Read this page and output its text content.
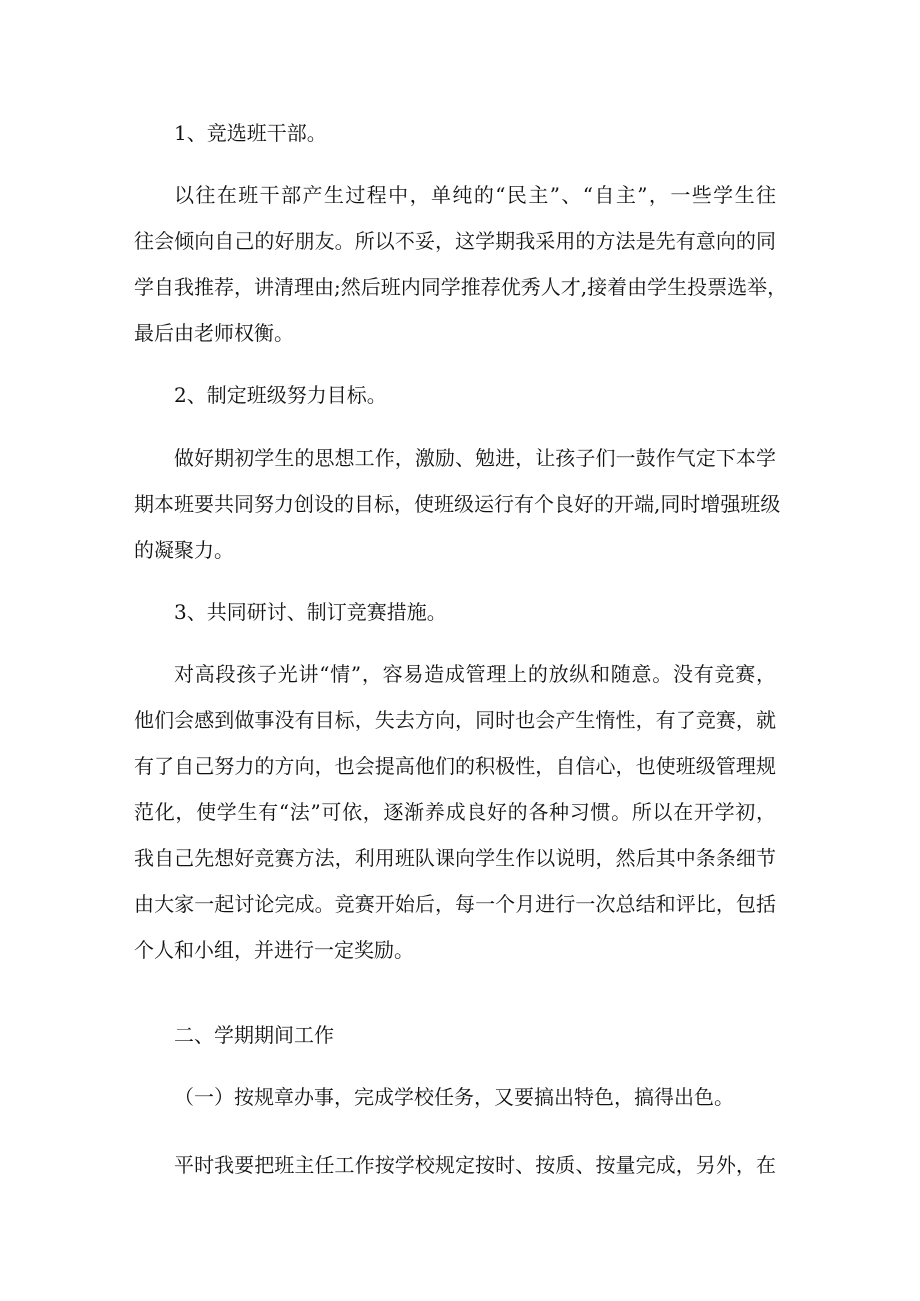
1、竞选班干部。
以往在班干部产生过程中，单纯的“民主”、“自主”，一些学生往
往会倾向自己的好朋友。所以不妥，这学期我采用的方法是先有意向的同
学自我推荐，讲清理由;然后班内同学推荐优秀人才,接着由学生投票选举，
最后由老师权衡。
2、制定班级努力目标。
做好期初学生的思想工作，激励、勉进，让孩子们一鼓作气定下本学
期本班要共同努力创设的目标，使班级运行有个良好的开端,同时增强班级
的凝聚力。
3、共同研讨、制订竞赛措施。
对高段孩子光讲“情”，容易造成管理上的放纵和随意。没有竞赛，
他们会感到做事没有目标，失去方向，同时也会产生惰性，有了竞赛，就
有了自己努力的方向，也会提高他们的积极性，自信心，也使班级管理规
范化，使学生有“法”可依，逐渐养成良好的各种习惯。所以在开学初，
我自己先想好竞赛方法，利用班队课向学生作以说明，然后其中条条细节
由大家一起讨论完成。竞赛开始后，每一个月进行一次总结和评比，包括
个人和小组，并进行一定奖励。
二、学期期间工作
（一）按规章办事，完成学校任务，又要搞出特色，搞得出色。
平时我要把班主任工作按学校规定按时、按质、按量完成，另外，在
